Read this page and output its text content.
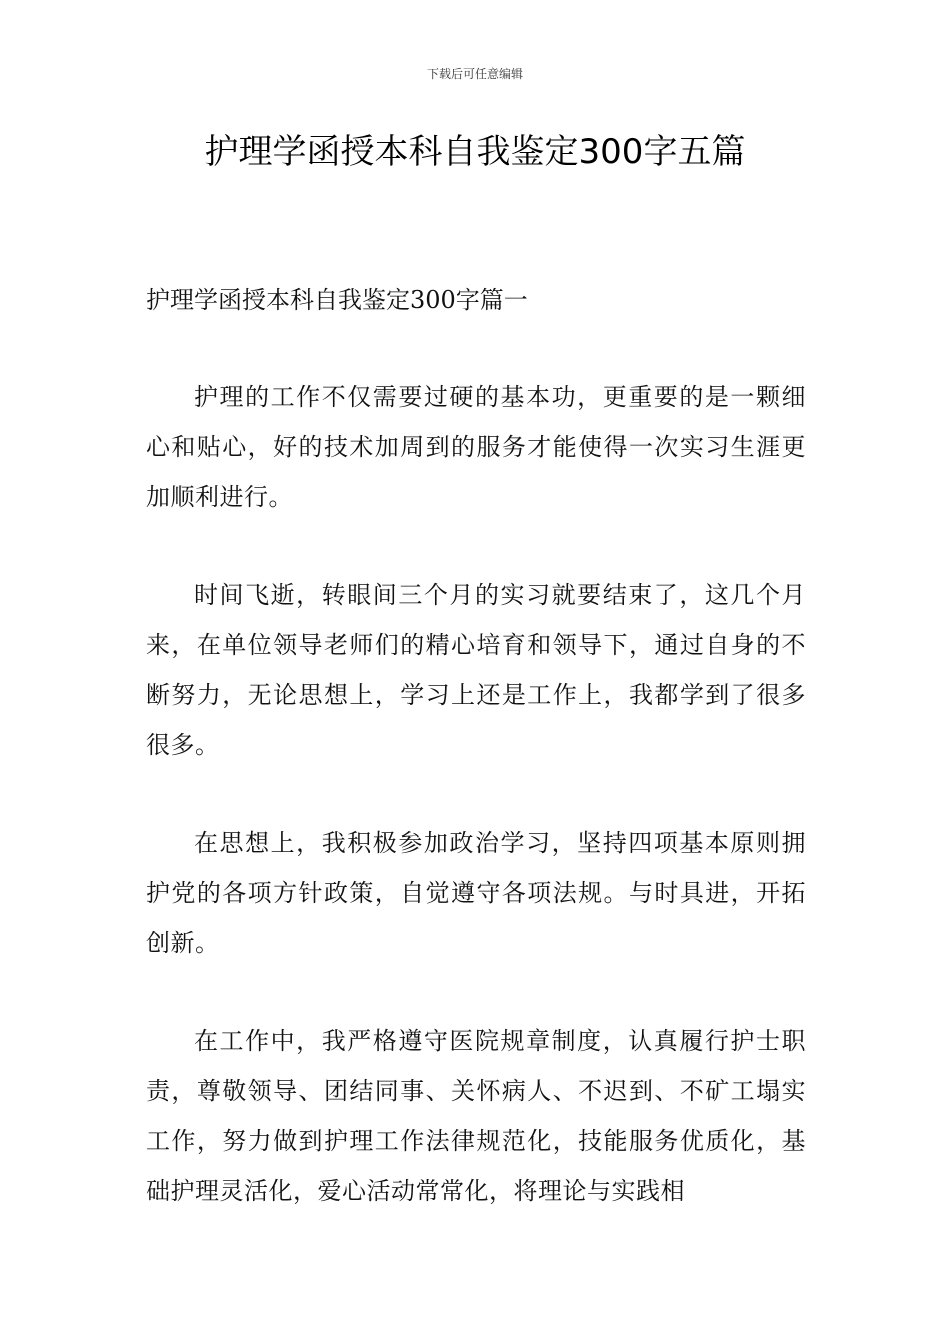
下载后可任意编辑
护理学函授本科自我鉴定300字五篇

护理学函授本科自我鉴定300字篇一

护理的工作不仅需要过硬的基本功，更重要的是一颗细心和贴心，好的技术加周到的服务才能使得一次实习生涯更加顺利进行。

时间飞逝，转眼间三个月的实习就要结束了，这几个月来，在单位领导老师们的精心培育和领导下，通过自身的不断努力，无论思想上，学习上还是工作上，我都学到了很多很多。

在思想上，我积极参加政治学习，坚持四项基本原则拥护党的各项方针政策，自觉遵守各项法规。与时具进，开拓创新。

在工作中，我严格遵守医院规章制度，认真履行护士职责，尊敬领导、团结同事、关怀病人、不迟到、不矿工塌实工作，努力做到护理工作法律规范化，技能服务优质化，基础护理灵活化，爱心活动常常化，将理论与实践相
